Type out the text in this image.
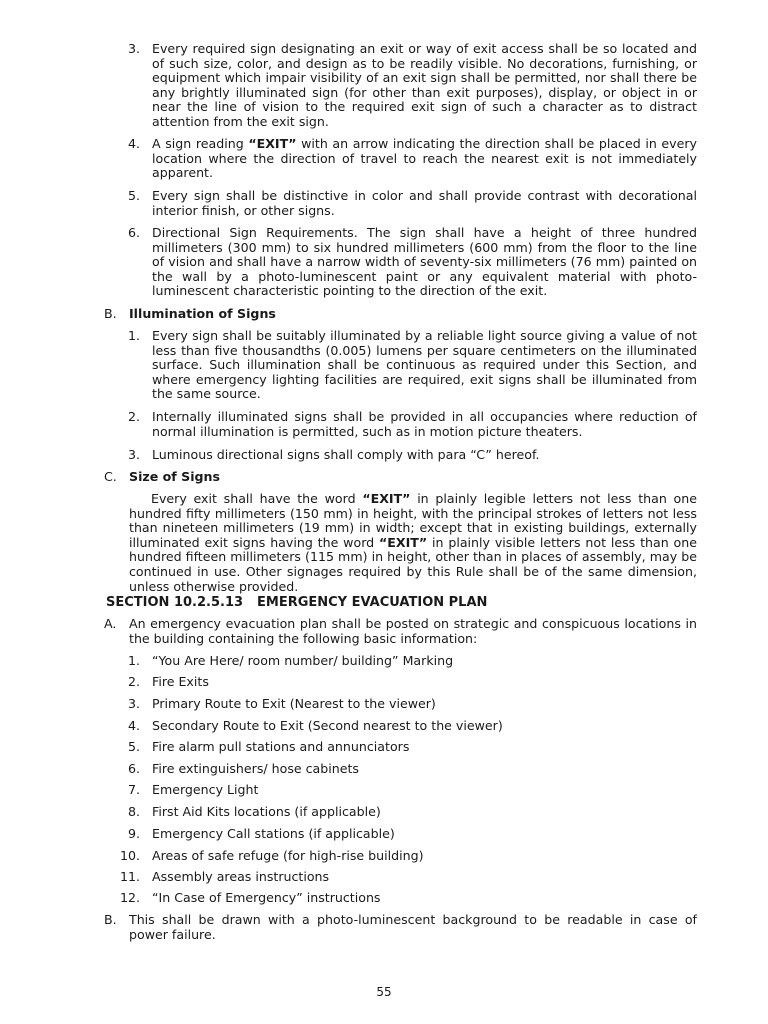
3. Every required sign designating an exit or way of exit access shall be so located and of such size, color, and design as to be readily visible. No decorations, furnishing, or equipment which impair visibility of an exit sign shall be permitted, nor shall there be any brightly illuminated sign (for other than exit purposes), display, or object in or near the line of vision to the required exit sign of such a character as to distract attention from the exit sign.
4. A sign reading “EXIT” with an arrow indicating the direction shall be placed in every location where the direction of travel to reach the nearest exit is not immediately apparent.
5. Every sign shall be distinctive in color and shall provide contrast with decorational interior finish, or other signs.
6. Directional Sign Requirements. The sign shall have a height of three hundred millimeters (300 mm) to six hundred millimeters (600 mm) from the floor to the line of vision and shall have a narrow width of seventy-six millimeters (76 mm) painted on the wall by a photo-luminescent paint or any equivalent material with photo-luminescent characteristic pointing to the direction of the exit.
B. Illumination of Signs
1. Every sign shall be suitably illuminated by a reliable light source giving a value of not less than five thousandths (0.005) lumens per square centimeters on the illuminated surface. Such illumination shall be continuous as required under this Section, and where emergency lighting facilities are required, exit signs shall be illuminated from the same source.
2. Internally illuminated signs shall be provided in all occupancies where reduction of normal illumination is permitted, such as in motion picture theaters.
3. Luminous directional signs shall comply with para “C” hereof.
C. Size of Signs
Every exit shall have the word “EXIT” in plainly legible letters not less than one hundred fifty millimeters (150 mm) in height, with the principal strokes of letters not less than nineteen millimeters (19 mm) in width; except that in existing buildings, externally illuminated exit signs having the word “EXIT” in plainly visible letters not less than one hundred fifteen millimeters (115 mm) in height, other than in places of assembly, may be continued in use. Other signages required by this Rule shall be of the same dimension, unless otherwise provided.
SECTION 10.2.5.13 EMERGENCY EVACUATION PLAN
A. An emergency evacuation plan shall be posted on strategic and conspicuous locations in the building containing the following basic information:
1. “You Are Here/ room number/ building” Marking
2. Fire Exits
3. Primary Route to Exit (Nearest to the viewer)
4. Secondary Route to Exit (Second nearest to the viewer)
5. Fire alarm pull stations and annunciators
6. Fire extinguishers/ hose cabinets
7. Emergency Light
8. First Aid Kits locations (if applicable)
9. Emergency Call stations (if applicable)
10. Areas of safe refuge (for high-rise building)
11. Assembly areas instructions
12. “In Case of Emergency” instructions
B. This shall be drawn with a photo-luminescent background to be readable in case of power failure.
55
